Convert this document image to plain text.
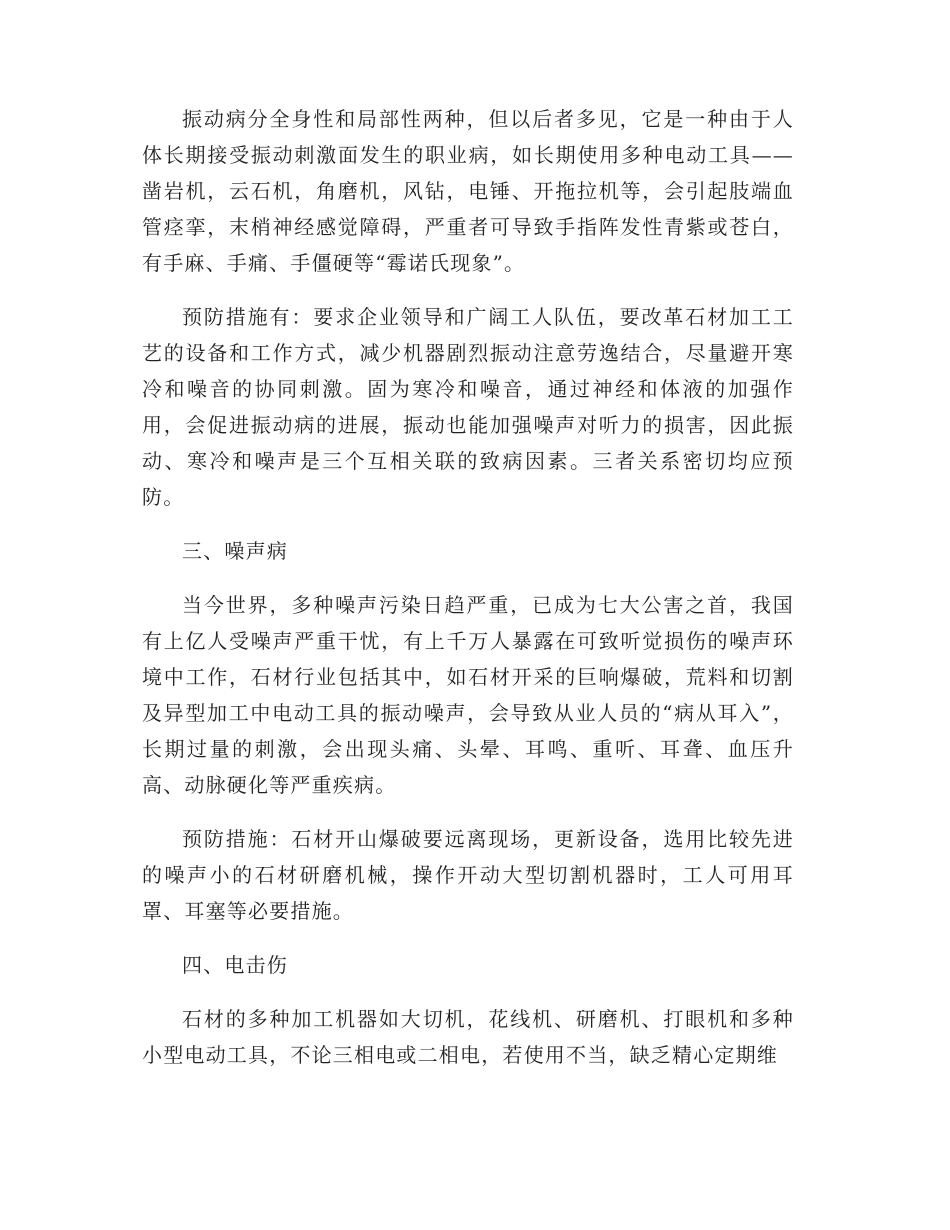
振动病分全身性和局部性两种，但以后者多见，它是一种由于人体长期接受振动刺激面发生的职业病，如长期使用多种电动工具——凿岩机，云石机，角磨机，风钻，电锤、开拖拉机等，会引起肢端血管痉挛，末梢神经感觉障碍，严重者可导致手指阵发性青紫或苍白，有手麻、手痛、手僵硬等“霉诺氏现象”。

预防措施有：要求企业领导和广阔工人队伍，要改革石材加工工艺的设备和工作方式，减少机器剧烈振动注意劳逸结合，尽量避开寒冷和噪音的协同刺激。固为寒冷和噪音，通过神经和体液的加强作用，会促进振动病的进展，振动也能加强噪声对听力的损害，因此振动、寒冷和噪声是三个互相关联的致病因素。三者关系密切均应预防。

三、噪声病

当今世界，多种噪声污染日趋严重，已成为七大公害之首，我国有上亿人受噪声严重干忧，有上千万人暴露在可致听觉损伤的噪声环境中工作，石材行业包括其中，如石材开采的巨响爆破，荒料和切割及异型加工中电动工具的振动噪声，会导致从业人员的“病从耳入”，长期过量的刺激，会出现头痛、头晕、耳鸣、重听、耳聋、血压升高、动脉硬化等严重疾病。

预防措施：石材开山爆破要远离现场，更新设备，选用比较先进的噪声小的石材研磨机械，操作开动大型切割机器时，工人可用耳罩、耳塞等必要措施。

四、电击伤

石材的多种加工机器如大切机，花线机、研磨机、打眼机和多种小型电动工具，不论三相电或二相电，若使用不当，缺乏精心定期维
